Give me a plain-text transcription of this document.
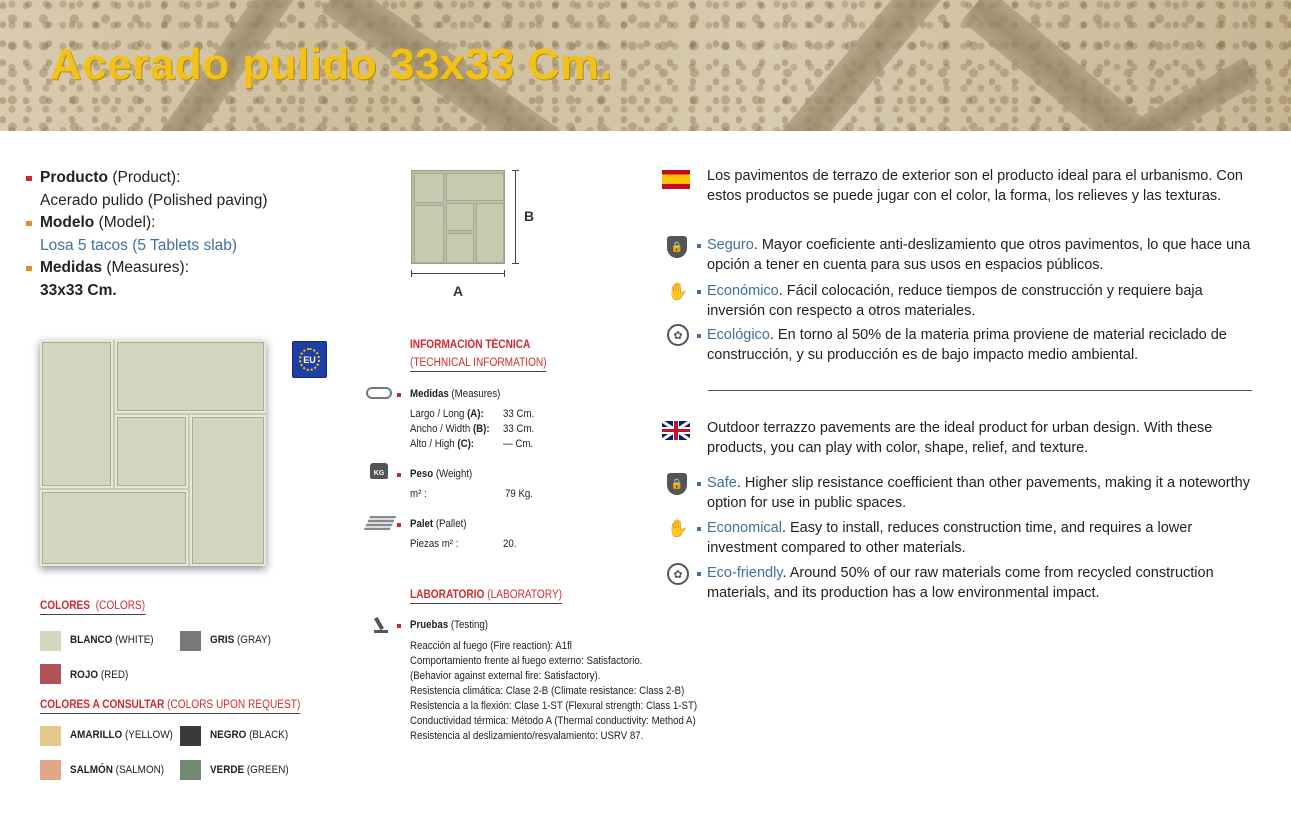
Acerado pulido 33x33 Cm.
Producto (Product):
Acerado pulido (Polished paving)
Modelo (Model):
Losa 5 tacos (5 Tablets slab)
Medidas (Measures):
33x33 Cm.
B
A
EU
COLORES (COLORS)
BLANCO (WHITE)	GRIS (GRAY)
ROJO (RED)
COLORES A CONSULTAR (COLORS UPON REQUEST)
AMARILLO (YELLOW)	NEGRO (BLACK)
SALMÓN (SALMON)	VERDE (GREEN)
INFORMACIÓN TÉCNICA
(TECHNICAL INFORMATION)
Medidas (Measures)
Largo / Long (A): 33 Cm.
Ancho / Width (B): 33 Cm.
Alto / High (C):	— Cm.
KG	Peso (Weight)
m² :	79 Kg.
Palet (Pallet)
Piezas m² :	20.
LABORATORIO (LABORATORY)
Pruebas (Testing)
Reacción al fuego (Fire reaction): A1fl
Comportamiento frente al fuego externo: Satisfactorio.
(Behavior against external fire: Satisfactory).
Resistencia climática: Clase 2-B (Climate resistance: Class 2-B)
Resistencia a la flexión: Clase 1-ST (Flexural strength: Class 1-ST)
Conductividad térmica: Método A (Thermal conductivity: Method A)
Resistencia al deslizamiento/resvalamiento: USRV 87.
Los pavimentos de terrazo de exterior son el producto ideal para el urbanismo. Con estos productos se puede jugar con el color, la forma, los relieves y las texturas.
🔒 Seguro. Mayor coeficiente anti-deslizamiento que otros pavimentos, lo que hace una opción a tener en cuenta para sus usos en espacios públicos.
✋ Económico. Fácil colocación, reduce tiempos de construcción y requiere baja inversión con respecto a otros materiales.
✿	Ecológico. En torno al 50% de la materia prima proviene de material reciclado de construcción, y su producción es de bajo impacto medio ambiental.
Outdoor terrazzo pavements are the ideal product for urban design. With these products, you can play with color, shape, relief, and texture.
🔒 Safe. Higher slip resistance coefficient than other pavements, making it a noteworthy option for use in public spaces.
✋ Economical. Easy to install, reduces construction time, and requires a lower investment compared to other materials.
✿	Eco-friendly. Around 50% of our raw materials come from recycled construction materials, and its production has a low environmental impact.
